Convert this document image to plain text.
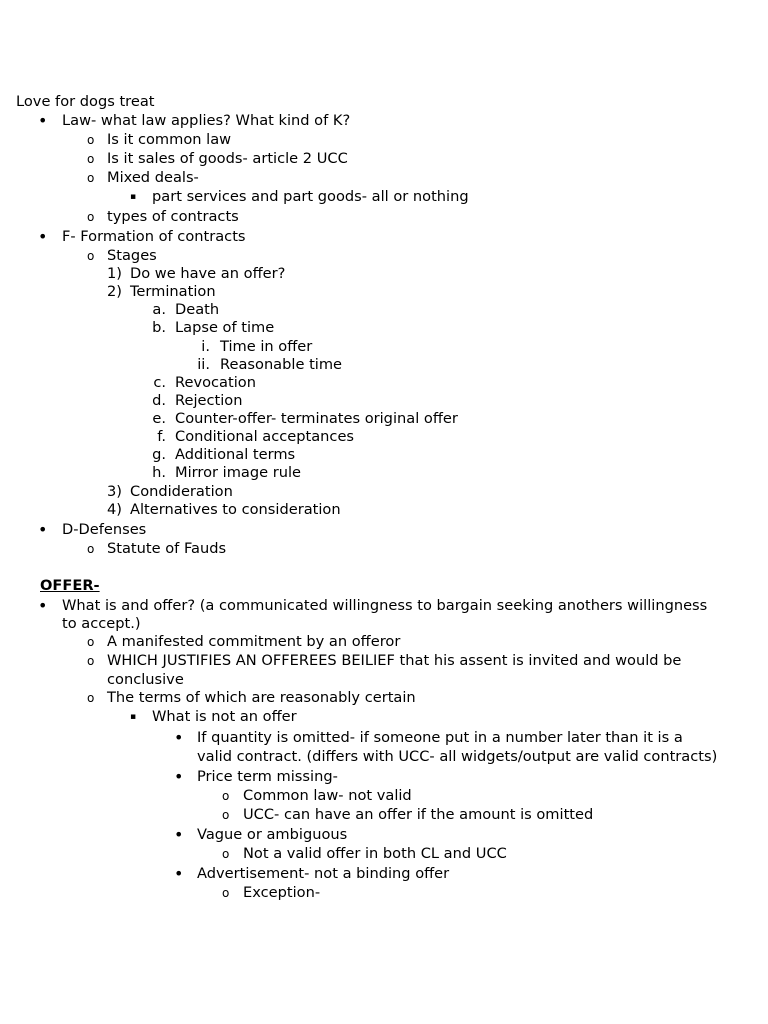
Love for dogs treat
• Law- what law applies? What kind of K?
o Is it common law
o Is it sales of goods- article 2 UCC
o Mixed deals-
▪ part services and part goods- all or nothing
o types of contracts
• F- Formation of contracts
o Stages
1) Do we have an offer?
2) Termination
a. Death
b. Lapse of time
i. Time in offer
ii. Reasonable time
c. Revocation
d. Rejection
e. Counter-offer- terminates original offer
f. Conditional acceptances
g. Additional terms
h. Mirror image rule
3) Condideration
4) Alternatives to consideration
• D-Defenses
o Statute of Fauds
OFFER-
• What is and offer? (a communicated willingness to bargain seeking anothers willingness
to accept.)
o A manifested commitment by an offeror
o WHICH JUSTIFIES AN OFFEREES BEILIEF that his assent is invited and would be
conclusive
o The terms of which are reasonably certain
▪ What is not an offer
• If quantity is omitted- if someone put in a number later than it is a
valid contract. (differs with UCC- all widgets/output are valid contracts)
• Price term missing-
o Common law- not valid
o UCC- can have an offer if the amount is omitted
• Vague or ambiguous
o Not a valid offer in both CL and UCC
• Advertisement- not a binding offer
o Exception-
